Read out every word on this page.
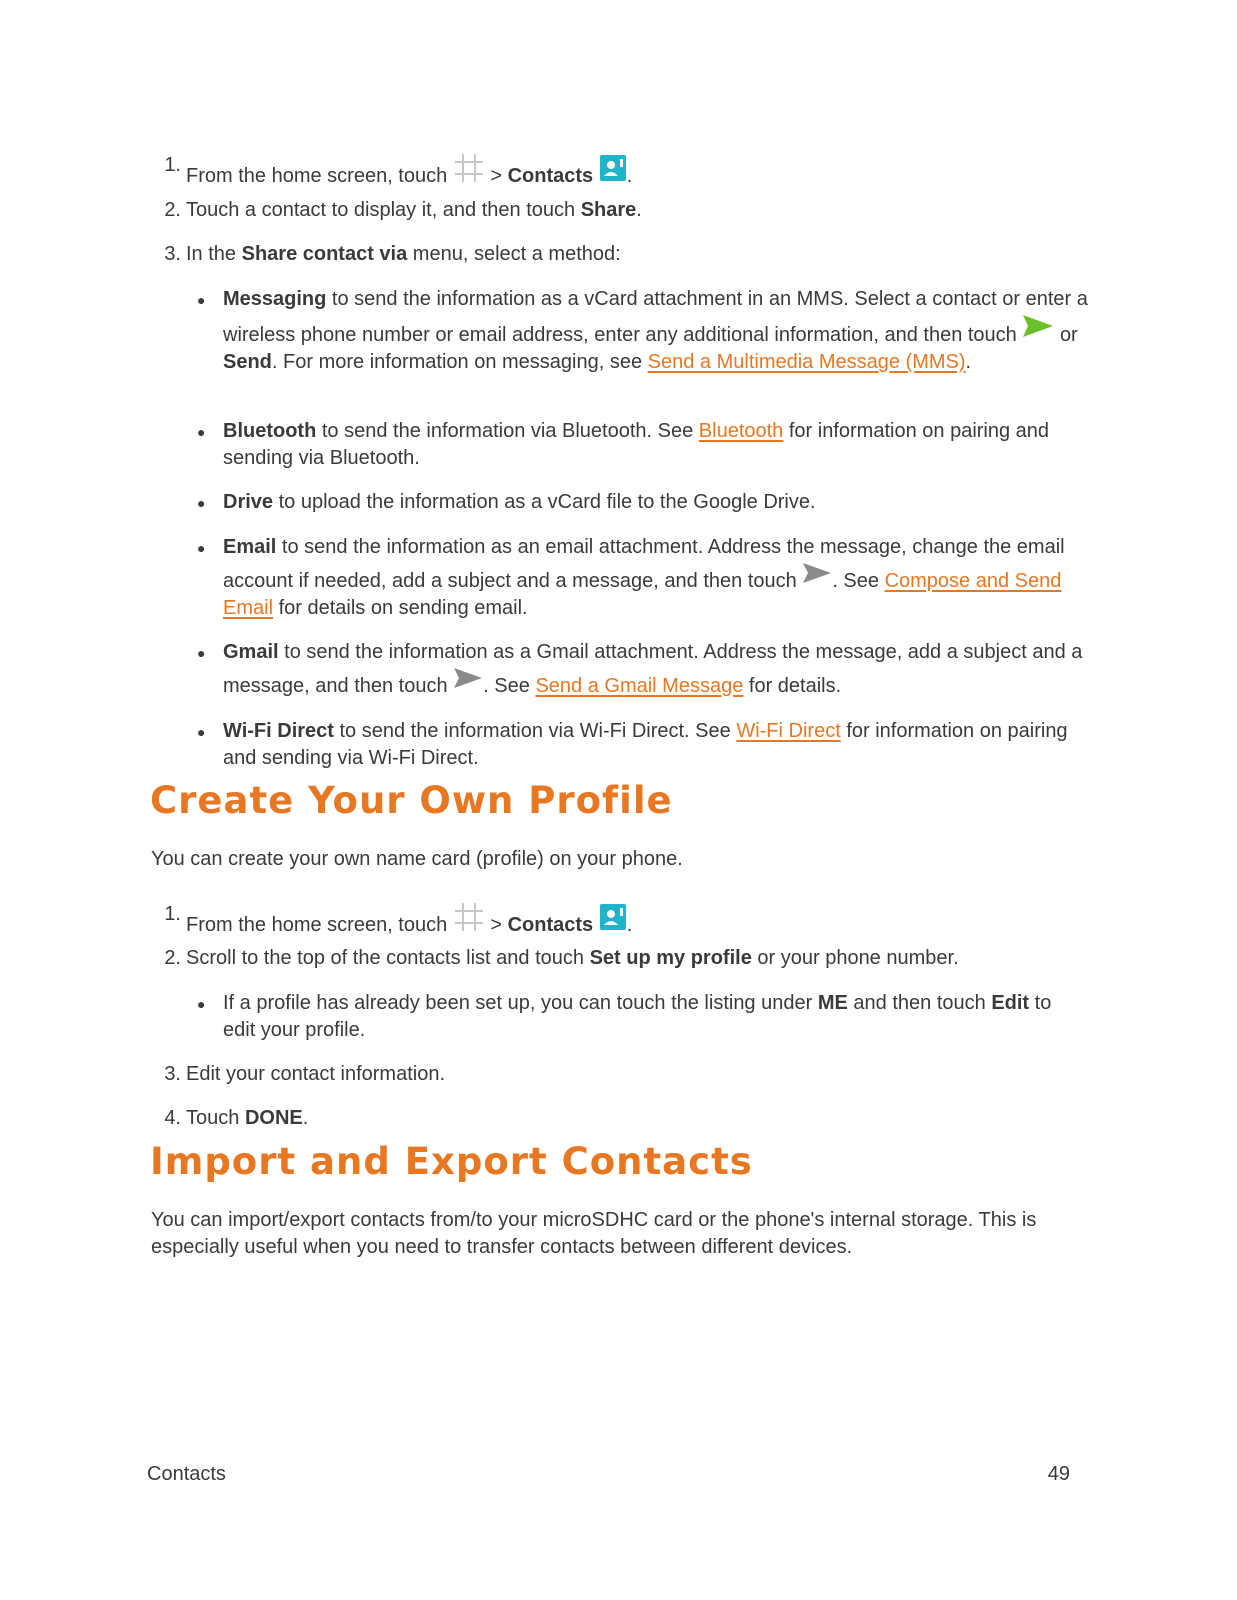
1. From the home screen, touch > Contacts .
2. Touch a contact to display it, and then touch Share.
3. In the Share contact via menu, select a method:
● Messaging to send the information as a vCard attachment in an MMS. Select a contact or enter a wireless phone number or email address, enter any additional information, and then touch or Send. For more information on messaging, see Send a Multimedia Message (MMS).
● Bluetooth to send the information via Bluetooth. See Bluetooth for information on pairing and sending via Bluetooth.
● Drive to upload the information as a vCard file to the Google Drive.
● Email to send the information as an email attachment. Address the message, change the email account if needed, add a subject and a message, and then touch . See Compose and Send Email for details on sending email.
● Gmail to send the information as a Gmail attachment. Address the message, add a subject and a message, and then touch . See Send a Gmail Message for details.
● Wi-Fi Direct to send the information via Wi-Fi Direct. See Wi-Fi Direct for information on pairing and sending via Wi-Fi Direct.
Create Your Own Profile
You can create your own name card (profile) on your phone.
1. From the home screen, touch > Contacts .
2. Scroll to the top of the contacts list and touch Set up my profile or your phone number.
● If a profile has already been set up, you can touch the listing under ME and then touch Edit to edit your profile.
3. Edit your contact information.
4. Touch DONE.
Import and Export Contacts
You can import/export contacts from/to your microSDHC card or the phone's internal storage. This is especially useful when you need to transfer contacts between different devices.
Contacts	49
